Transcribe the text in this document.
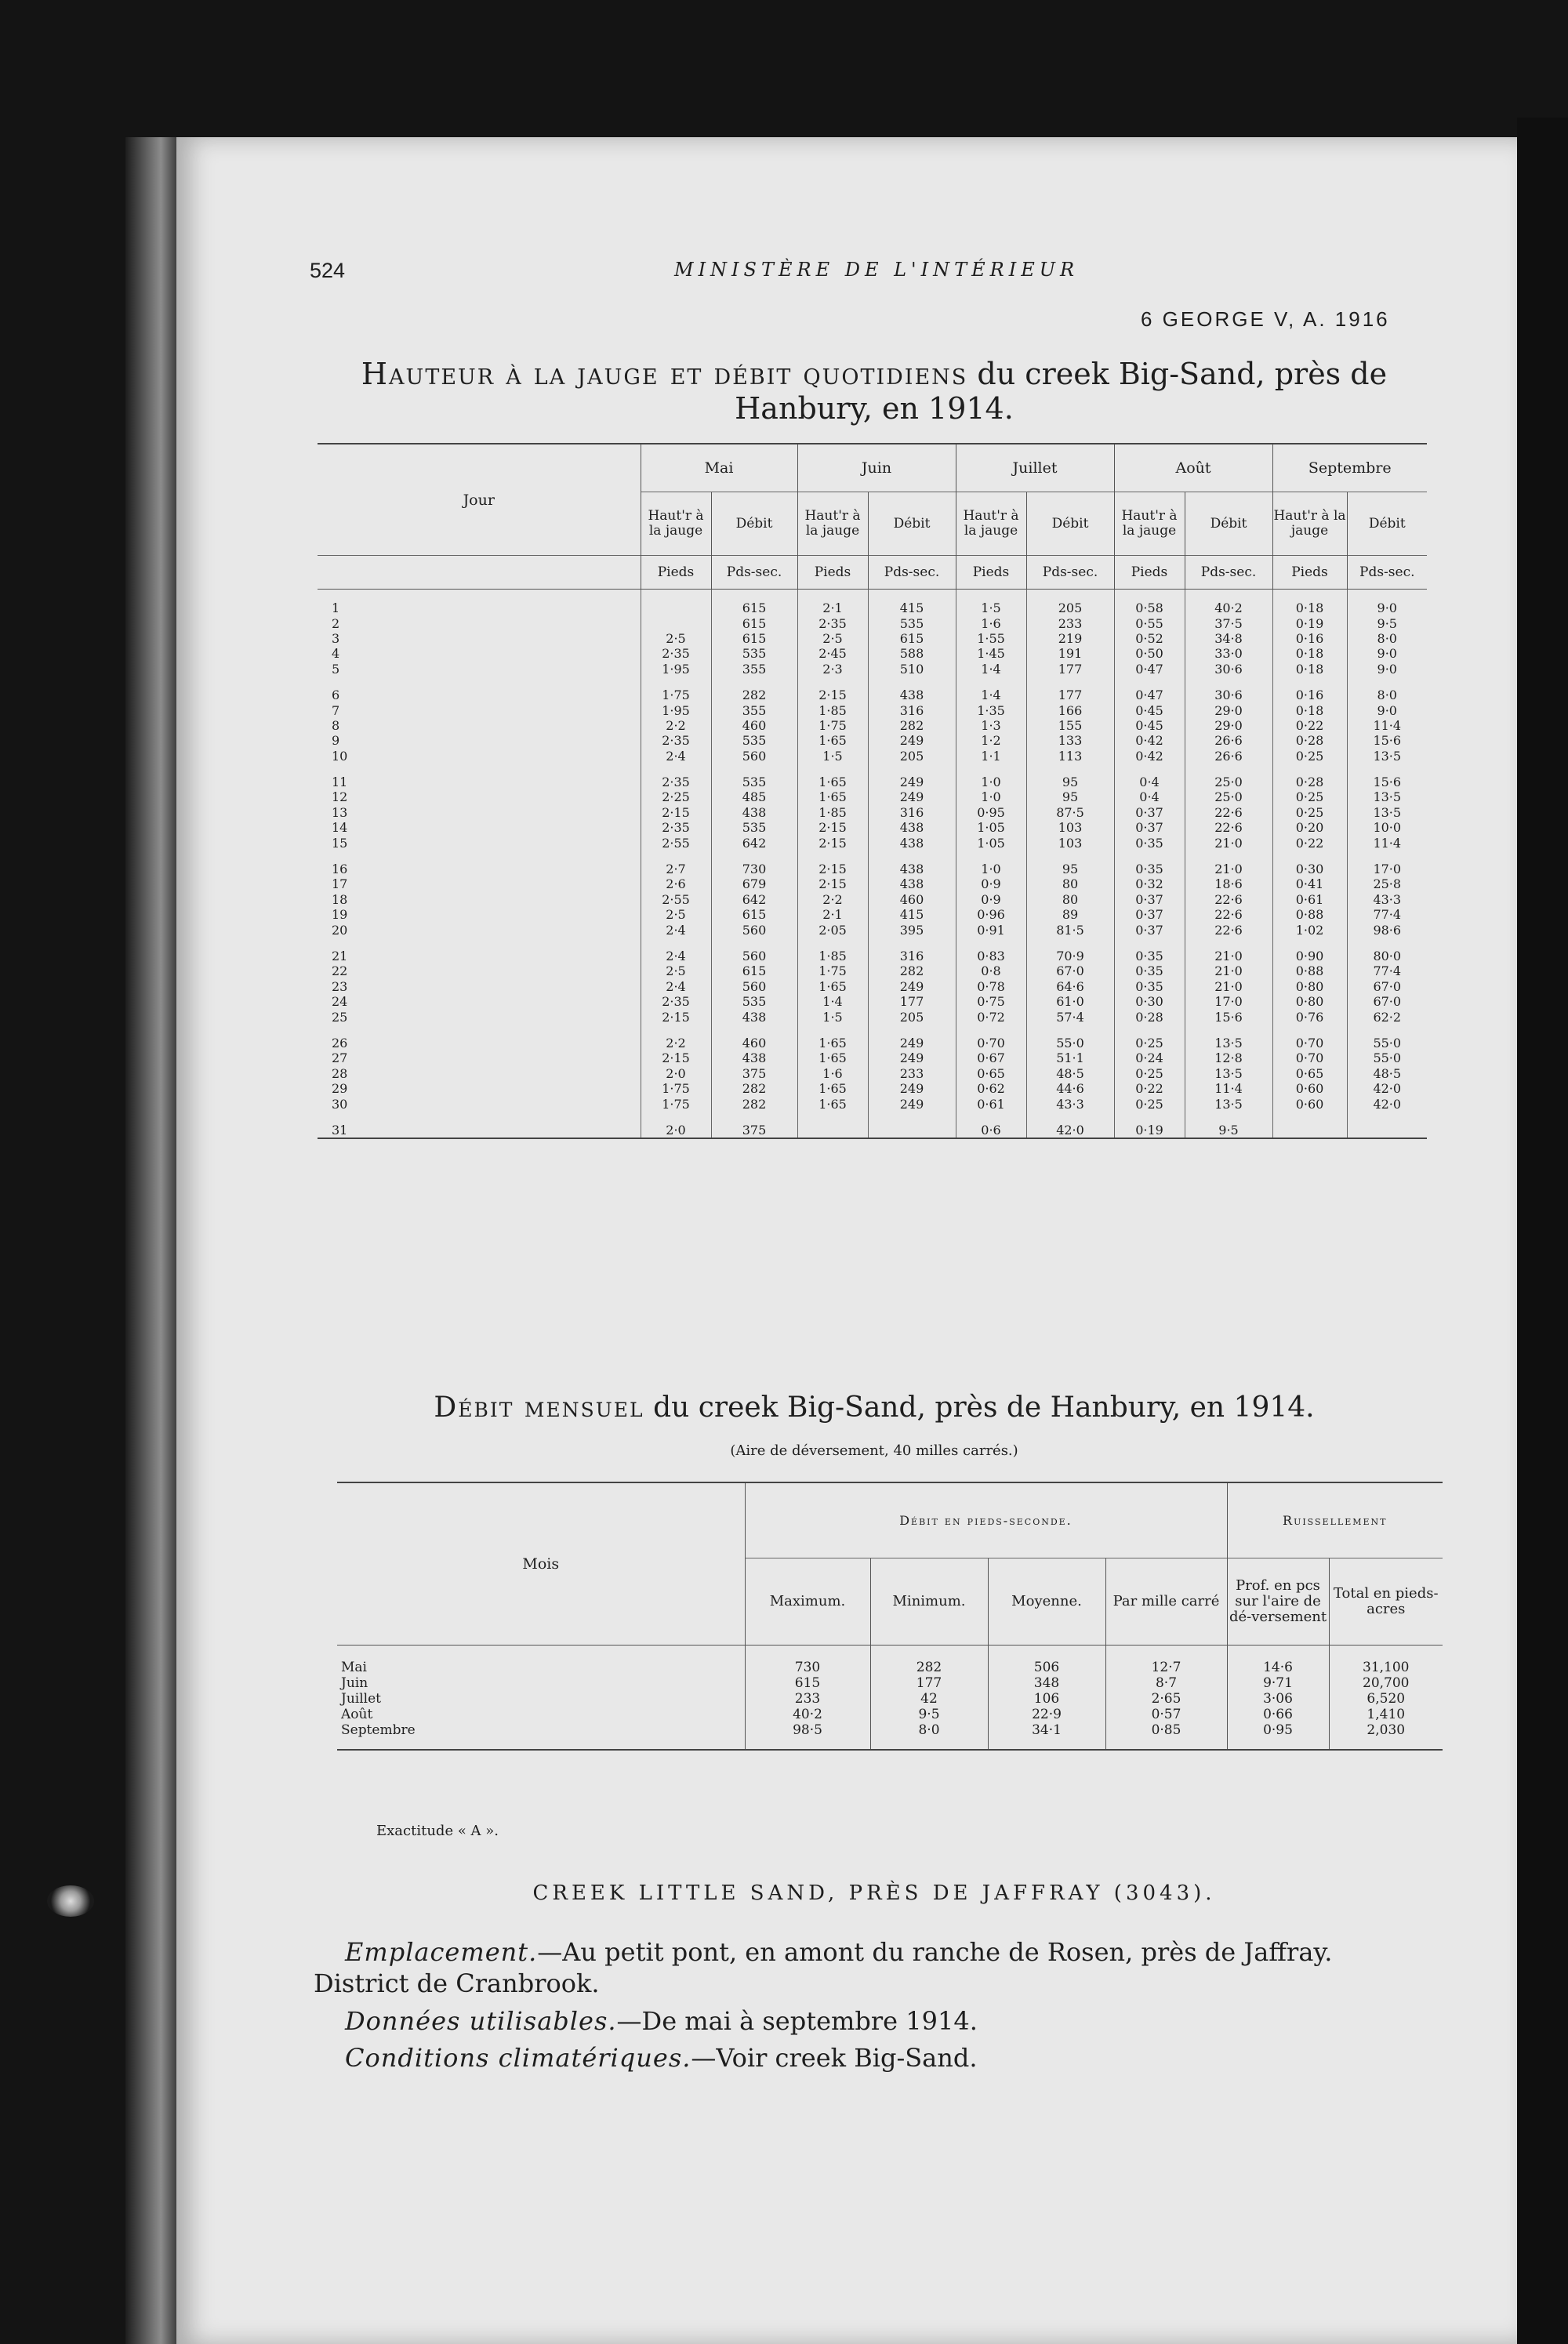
524	MINISTÈRE DE L'INTÉRIEUR
6 GEORGE V, A. 1916
Hauteur à la jauge et débit quotidiens du creek Big-Sand, près de Hanbury, en 1914.
Jour	Mai		Juin		Juillet		Août		Septembre	
	Haut'r à la jauge	Débit	Haut'r à la jauge	Débit	Haut'r à la jauge	Débit	Haut'r à la jauge	Débit	Haut'r à la jauge	Débit
	Pieds	Pds-sec.	Pieds	Pds-sec.	Pieds	Pds-sec.	Pieds	Pds-sec.	Pieds	Pds-sec.

1		615	2·1	415	1·5	205	0·58	40·2	0·18	9·0
2		615	2·35	535	1·6	233	0·55	37·5	0·19	9·5
3	2·5	615	2·5	615	1·55	219	0·52	34·8	0·16	8·0
4	2·35	535	2·45	588	1·45	191	0·50	33·0	0·18	9·0
5	1·95	355	2·3	510	1·4	177	0·47	30·6	0·18	9·0

6	1·75	282	2·15	438	1·4	177	0·47	30·6	0·16	8·0
7	1·95	355	1·85	316	1·35	166	0·45	29·0	0·18	9·0
8	2·2	460	1·75	282	1·3	155	0·45	29·0	0·22	11·4
9	2·35	535	1·65	249	1·2	133	0·42	26·6	0·28	15·6
10	2·4	560	1·5	205	1·1	113	0·42	26·6	0·25	13·5

11	2·35	535	1·65	249	1·0	95	0·4	25·0	0·28	15·6
12	2·25	485	1·65	249	1·0	95	0·4	25·0	0·25	13·5
13	2·15	438	1·85	316	0·95	87·5	0·37	22·6	0·25	13·5
14	2·35	535	2·15	438	1·05	103	0·37	22·6	0·20	10·0
15	2·55	642	2·15	438	1·05	103	0·35	21·0	0·22	11·4

16	2·7	730	2·15	438	1·0	95	0·35	21·0	0·30	17·0
17	2·6	679	2·15	438	0·9	80	0·32	18·6	0·41	25·8
18	2·55	642	2·2	460	0·9	80	0·37	22·6	0·61	43·3
19	2·5	615	2·1	415	0·96	89	0·37	22·6	0·88	77·4
20	2·4	560	2·05	395	0·91	81·5	0·37	22·6	1·02	98·6

21	2·4	560	1·85	316	0·83	70·9	0·35	21·0	0·90	80·0
22	2·5	615	1·75	282	0·8	67·0	0·35	21·0	0·88	77·4
23	2·4	560	1·65	249	0·78	64·6	0·35	21·0	0·80	67·0
24	2·35	535	1·4	177	0·75	61·0	0·30	17·0	0·80	67·0
25	2·15	438	1·5	205	0·72	57·4	0·28	15·6	0·76	62·2

26	2·2	460	1·65	249	0·70	55·0	0·25	13·5	0·70	55·0
27	2·15	438	1·65	249	0·67	51·1	0·24	12·8	0·70	55·0
28	2·0	375	1·6	233	0·65	48·5	0·25	13·5	0·65	48·5
29	1·75	282	1·65	249	0·62	44·6	0·22	11·4	0·60	42·0
30	1·75	282	1·65	249	0·61	43·3	0·25	13·5	0·60	42·0

31	2·0	375			0·6	42·0	0·19	9·5		
Débit mensuel du creek Big-Sand, près de Hanbury, en 1914.
(Aire de déversement, 40 milles carrés.)
Mois	Débit en pieds-seconde.				Ruissellement	
	Maximum.	Minimum.	Moyenne.	Par mille carré	Prof. en pcs sur l'aire de dé-versement	Total en pieds-acres

Mai	730	282	506	12·7	14·6	31,100
Juin	615	177	348	8·7	9·71	20,700
Juillet	233	42	106	2·65	3·06	6,520
Août	40·2	9·5	22·9	0·57	0·66	1,410
Septembre	98·5	8·0	34·1	0·85	0·95	2,030

Exactitude « A ».
CREEK LITTLE SAND, PRÈS DE JAFFRAY (3043).
Emplacement.—Au petit pont, en amont du ranche de Rosen, près de Jaffray.
District de Cranbrook.
Données utilisables.—De mai à septembre 1914.
Conditions climatériques.—Voir creek Big-Sand.
